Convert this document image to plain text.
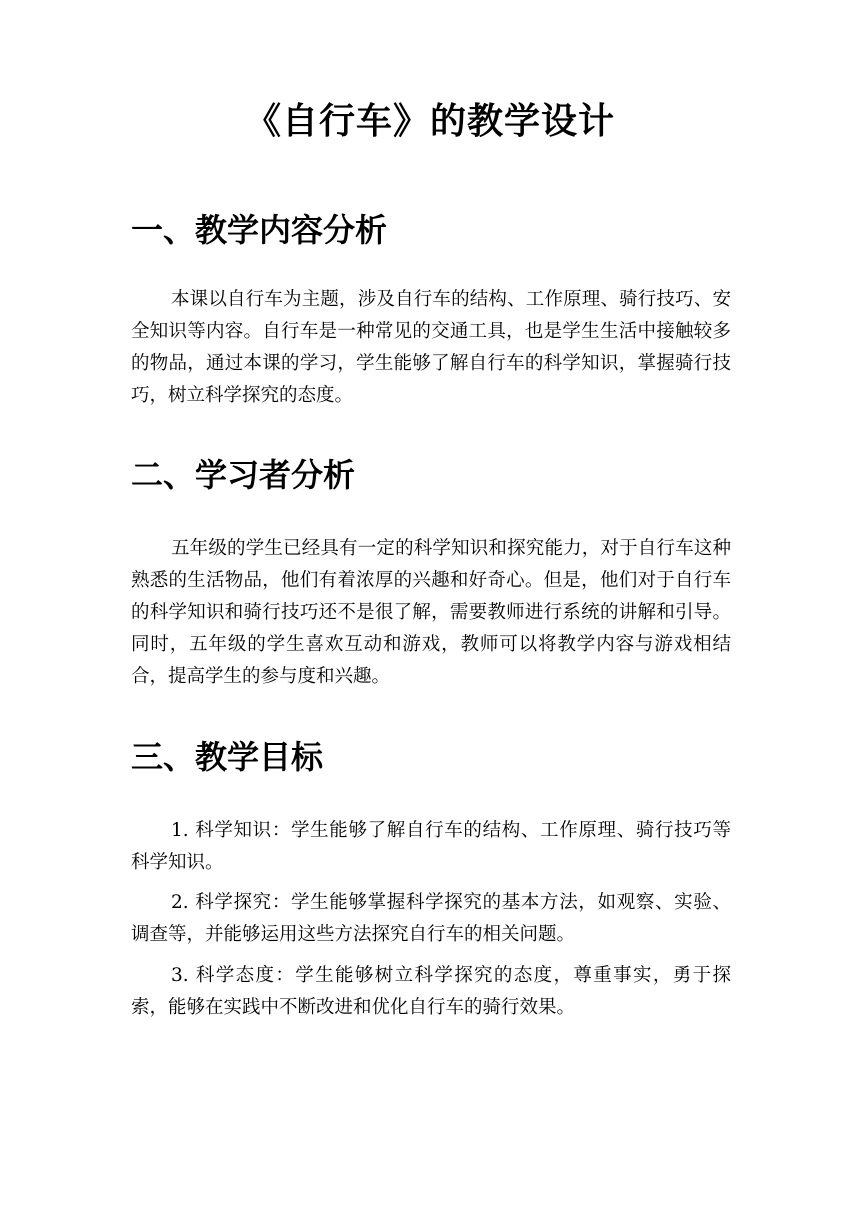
《自行车》的教学设计
一、教学内容分析

本课以自行车为主题，涉及自行车的结构、工作原理、骑行技巧、安全知识等内容。自行车是一种常见的交通工具，也是学生生活中接触较多的物品，通过本课的学习，学生能够了解自行车的科学知识，掌握骑行技巧，树立科学探究的态度。

二、学习者分析

五年级的学生已经具有一定的科学知识和探究能力，对于自行车这种熟悉的生活物品，他们有着浓厚的兴趣和好奇心。但是，他们对于自行车的科学知识和骑行技巧还不是很了解，需要教师进行系统的讲解和引导。同时，五年级的学生喜欢互动和游戏，教师可以将教学内容与游戏相结合，提高学生的参与度和兴趣。

三、教学目标

1. 科学知识：学生能够了解自行车的结构、工作原理、骑行技巧等科学知识。

2. 科学探究：学生能够掌握科学探究的基本方法，如观察、实验、调查等，并能够运用这些方法探究自行车的相关问题。

3. 科学态度：学生能够树立科学探究的态度，尊重事实，勇于探索，能够在实践中不断改进和优化自行车的骑行效果。
